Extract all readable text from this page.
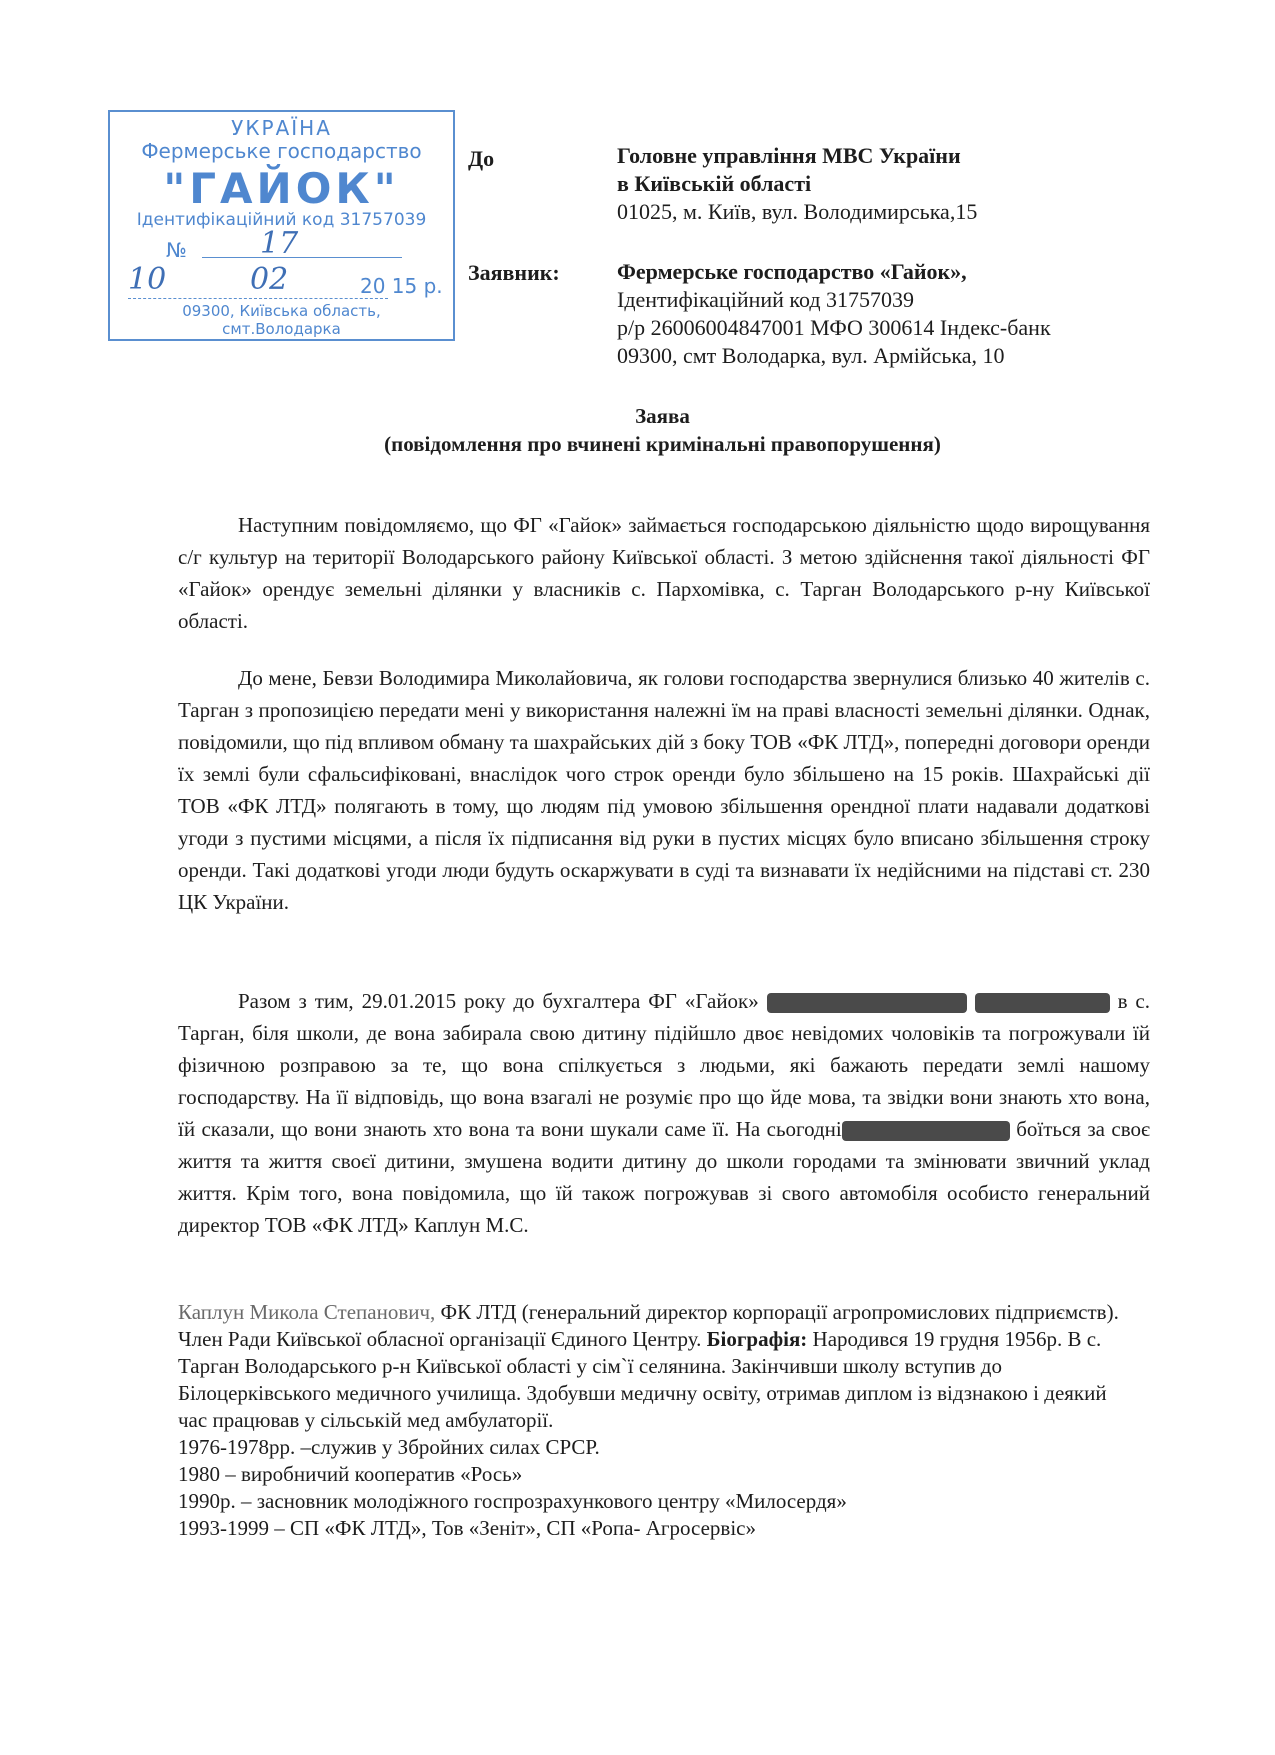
УКРАЇНА
Фермерське господарство
"ГАЙОК"
Ідентифікаційний код 31757039
№ 17
10	02	20 15 р.
09300, Київська область,
смт.Володарка
До	Головне управління МВС України
в Київській області
01025, м. Київ, вул. Володимирська,15
Заявник:	Фермерське господарство «Гайок»,
Ідентифікаційний код 31757039
р/р 26006004847001 МФО 300614 Індекс-банк
09300, смт Володарка, вул. Армійська, 10
Заява
(повідомлення про вчинені кримінальні правопорушення)

Наступним повідомляємо, що ФГ «Гайок» займається господарською діяльністю щодо вирощування с/г культур на території Володарського району Київської області. З метою здійснення такої діяльності ФГ «Гайок» орендує земельні ділянки у власників с. Пархомівка, с. Тарган Володарського р-ну Київської області.

До мене, Бевзи Володимира Миколайовича, як голови господарства звернулися близько 40 жителів с. Тарган з пропозицією передати мені у використання належні їм на праві власності земельні ділянки. Однак, повідомили, що під впливом обману та шахрайських дій з боку ТОВ «ФК ЛТД», попередні договори оренди їх землі були сфальсифіковані, внаслідок чого строк оренди було збільшено на 15 років. Шахрайські дії ТОВ «ФК ЛТД» полягають в тому, що людям під умовою збільшення орендної плати надавали додаткові угоди з пустими місцями, а після їх підписання від руки в пустих місцях було вписано збільшення строку оренди. Такі додаткові угоди люди будуть оскаржувати в суді та визнавати їх недійсними на підставі ст. 230 ЦК України.

Разом з тим, 29.01.2015 року до бухгалтера ФГ «Гайок»	в с. Тарган, біля школи, де вона забирала свою дитину підійшло двоє невідомих чоловіків та погрожували їй фізичною розправою за те, що вона спілкується з людьми, які бажають передати землі нашому господарству. На її відповідь, що вона взагалі не розуміє про що йде мова, та звідки вони знають хто вона, їй сказали, що вони знають хто вона та вони шукали саме її. На сьогодні	боїться за своє життя та життя своєї дитини, змушена водити дитину до школи городами та змінювати звичний уклад життя. Крім того, вона повідомила, що їй також погрожував зі свого автомобіля особисто генеральний директор ТОВ «ФК ЛТД» Каплун М.С.

Каплун Микола Степанович, ФК ЛТД (генеральний директор корпорації агропромислових підприємств). Член Ради Київської обласної організації Єдиного Центру. Біографія: Народився 19 грудня 1956р. В с. Тарган Володарського р-н Київської області у сім`ї селянина. Закінчивши школу вступив до Білоцерківського медичного училища. Здобувши медичну освіту, отримав диплом із відзнакою і деякий час працював у сільській мед амбулаторії.
1976-1978рр. –служив у Збройних силах СРСР.
1980 – виробничий кооператив «Рось»
1990р. – засновник молодіжного госпрозрахункового центру «Милосердя»
1993-1999 – СП «ФК ЛТД», Тов «Зеніт», СП «Ропа- Агросервіс»
